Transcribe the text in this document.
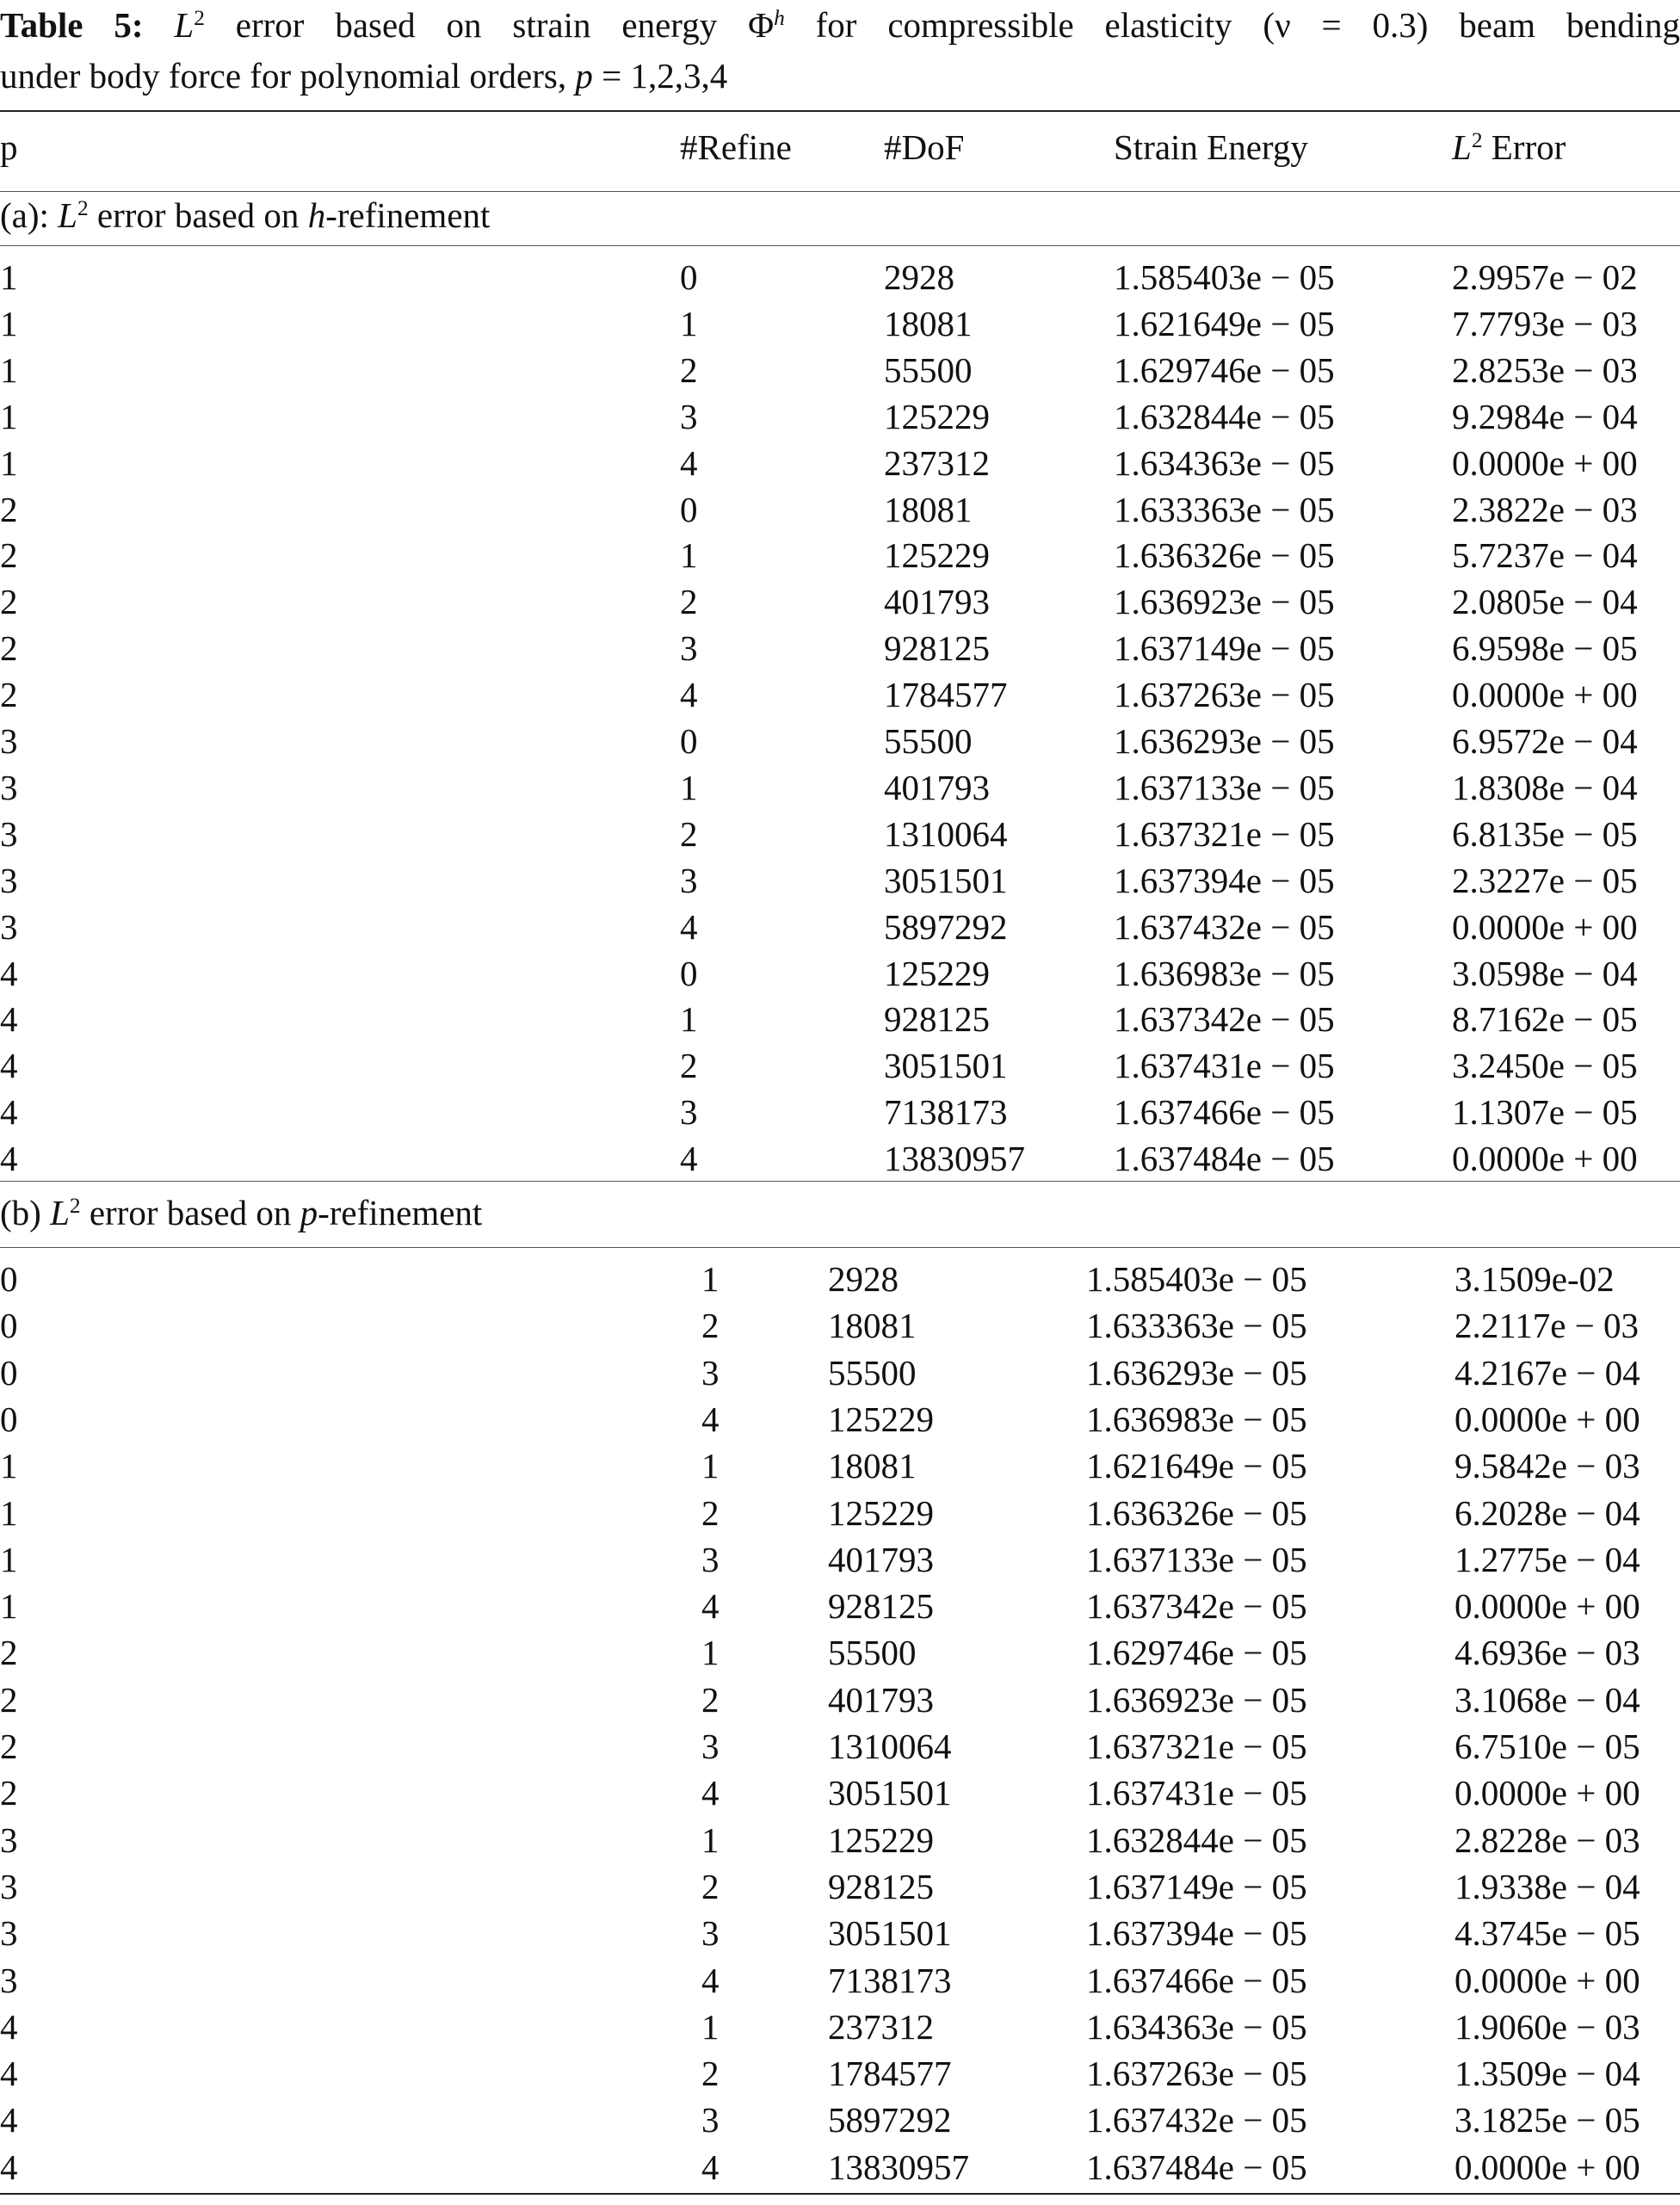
Table 5: $L^2$ error based on strain energy $\Phi^h$ for compressible elasticity (ν = 0.3) beam bending
under body force for polynomial orders, p = 1,2,3,4
p	#Refine	#DoF	Strain Energy	$L^2$ Error
(a): $L^2$ error based on h-refinement
1	0	2928	1.585403e − 05	2.9957e − 02
1	1	18081	1.621649e − 05	7.7793e − 03
1	2	55500	1.629746e − 05	2.8253e − 03
1	3	125229	1.632844e − 05	9.2984e − 04
1	4	237312	1.634363e − 05	0.0000e + 00
2	0	18081	1.633363e − 05	2.3822e − 03
2	1	125229	1.636326e − 05	5.7237e − 04
2	2	401793	1.636923e − 05	2.0805e − 04
2	3	928125	1.637149e − 05	6.9598e − 05
2	4	1784577	1.637263e − 05	0.0000e + 00
3	0	55500	1.636293e − 05	6.9572e − 04
3	1	401793	1.637133e − 05	1.8308e − 04
3	2	1310064	1.637321e − 05	6.8135e − 05
3	3	3051501	1.637394e − 05	2.3227e − 05
3	4	5897292	1.637432e − 05	0.0000e + 00
4	0	125229	1.636983e − 05	3.0598e − 04
4	1	928125	1.637342e − 05	8.7162e − 05
4	2	3051501	1.637431e − 05	3.2450e − 05
4	3	7138173	1.637466e − 05	1.1307e − 05
4	4	13830957	1.637484e − 05	0.0000e + 00
(b) $L^2$ error based on p-refinement
0	1	2928	1.585403e − 05	3.1509e-02
0	2	18081	1.633363e − 05	2.2117e − 03
0	3	55500	1.636293e − 05	4.2167e − 04
0	4	125229	1.636983e − 05	0.0000e + 00
1	1	18081	1.621649e − 05	9.5842e − 03
1	2	125229	1.636326e − 05	6.2028e − 04
1	3	401793	1.637133e − 05	1.2775e − 04
1	4	928125	1.637342e − 05	0.0000e + 00
2	1	55500	1.629746e − 05	4.6936e − 03
2	2	401793	1.636923e − 05	3.1068e − 04
2	3	1310064	1.637321e − 05	6.7510e − 05
2	4	3051501	1.637431e − 05	0.0000e + 00
3	1	125229	1.632844e − 05	2.8228e − 03
3	2	928125	1.637149e − 05	1.9338e − 04
3	3	3051501	1.637394e − 05	4.3745e − 05
3	4	7138173	1.637466e − 05	0.0000e + 00
4	1	237312	1.634363e − 05	1.9060e − 03
4	2	1784577	1.637263e − 05	1.3509e − 04
4	3	5897292	1.637432e − 05	3.1825e − 05
4	4	13830957	1.637484e − 05	0.0000e + 00
